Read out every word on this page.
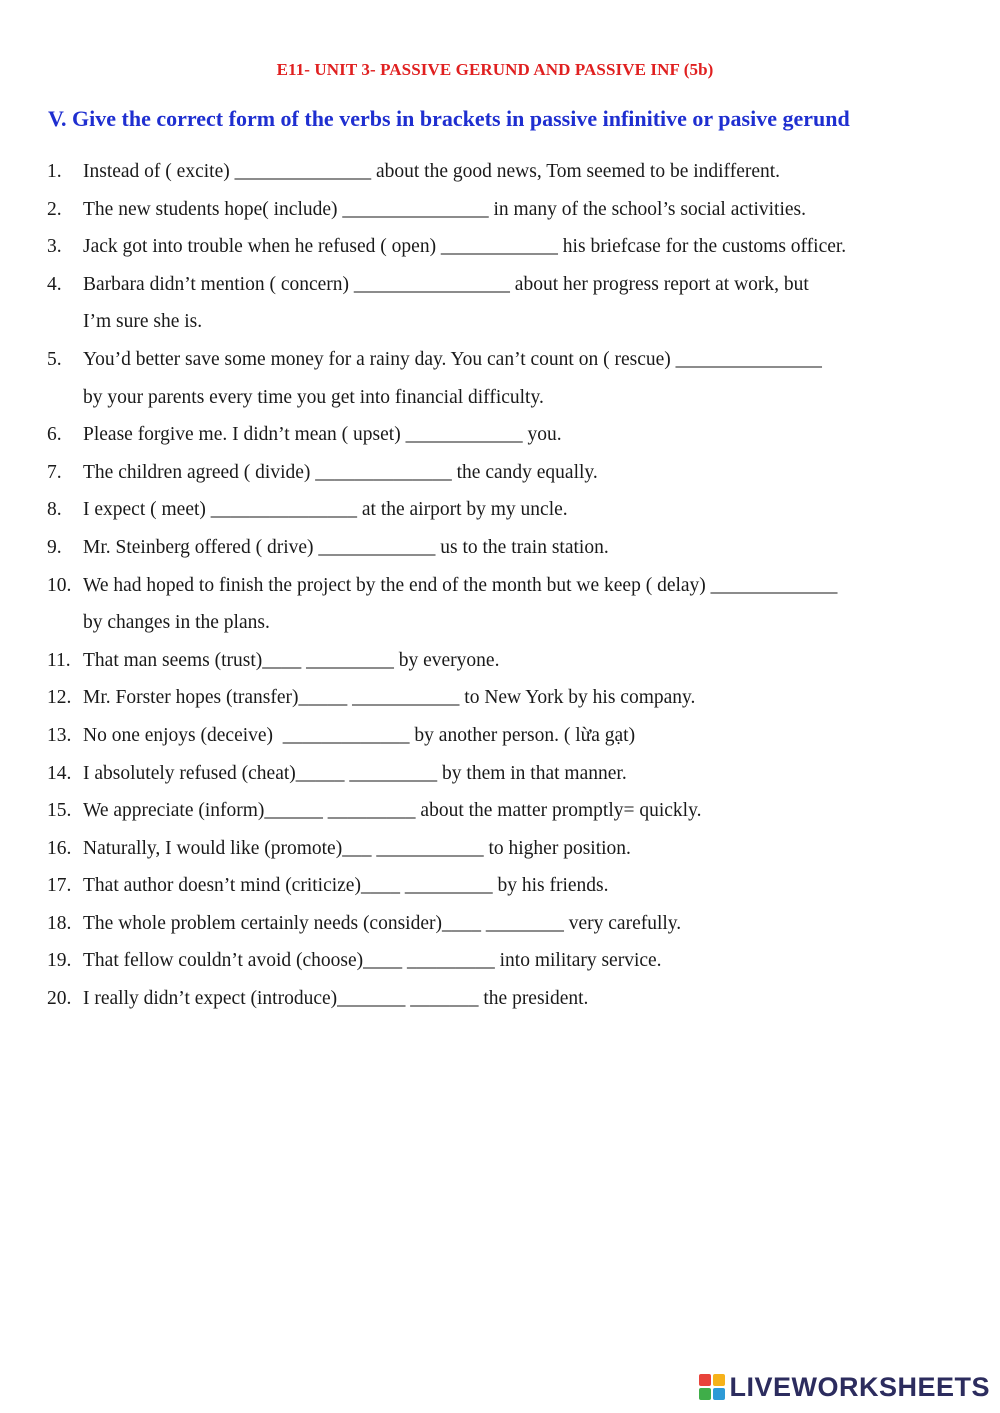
E11- UNIT 3- PASSIVE GERUND AND PASSIVE INF (5b)
V. Give the correct form of the verbs in brackets in passive infinitive or pasive gerund
1. Instead of ( excite) ______________ about the good news, Tom seemed to be indifferent.
2. The new students hope( include) _______________ in many of the school’s social activities.
3. Jack got into trouble when he refused ( open) ____________ his briefcase for the customs officer.
4. Barbara didn’t mention ( concern) ________________ about her progress report at work, but
I’m sure she is.
5. You’d better save some money for a rainy day. You can’t count on ( rescue) _______________
by your parents every time you get into financial difficulty.
6. Please forgive me. I didn’t mean ( upset) ____________ you.
7. The children agreed ( divide) ______________ the candy equally.
8. I expect ( meet) _______________ at the airport by my uncle.
9. Mr. Steinberg offered ( drive) ____________ us to the train station.
10. We had hoped to finish the project by the end of the month but we keep ( delay) _____________
by changes in the plans.
11. That man seems (trust)____ _________ by everyone.
12. Mr. Forster hopes (transfer)_____ ___________ to New York by his company.
13. No one enjoys (deceive)  _____________ by another person. ( lừa gạt)
14. I absolutely refused (cheat)_____ _________ by them in that manner.
15. We appreciate (inform)______ _________ about the matter promptly= quickly.
16. Naturally, I would like (promote)___ ___________ to higher position.
17. That author doesn’t mind (criticize)____ _________ by his friends.
18. The whole problem certainly needs (consider)____ ________ very carefully.
19. That fellow couldn’t avoid (choose)____ _________ into military service.
20. I really didn’t expect (introduce)_______ _______ the president.
LIVEWORKSHEETS
